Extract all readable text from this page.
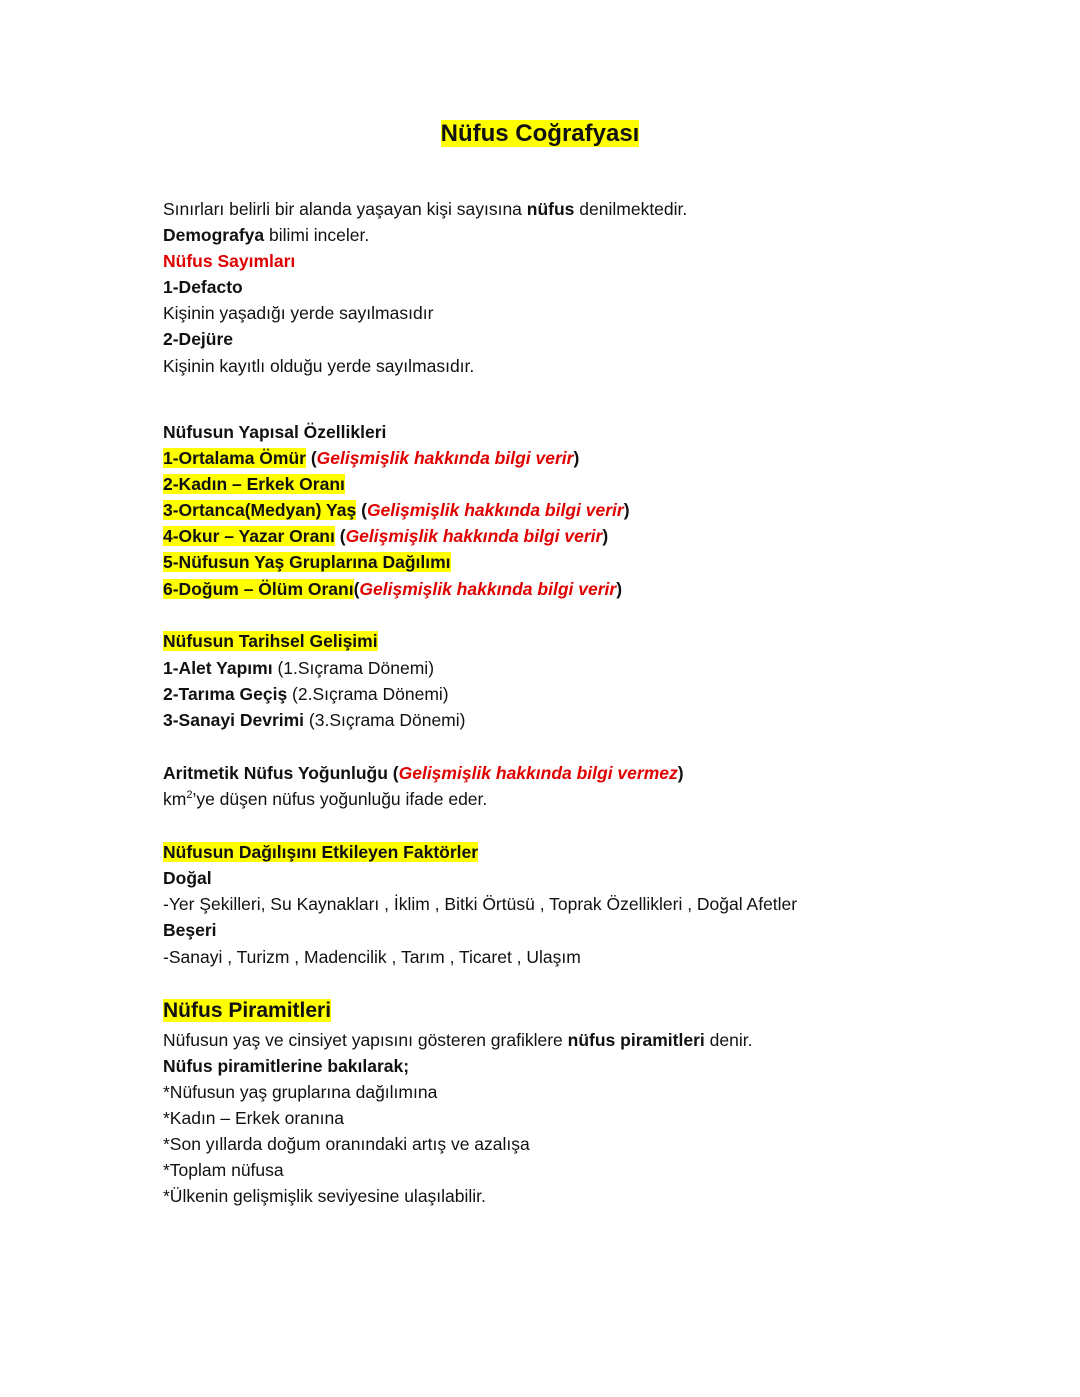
Nüfus Coğrafyası
Sınırları belirli bir alanda yaşayan kişi sayısına nüfus denilmektedir.
Demografya bilimi inceler.
Nüfus Sayımları
1-Defacto
Kişinin yaşadığı yerde sayılmasıdır
2-Dejüre
Kişinin kayıtlı olduğu yerde sayılmasıdır.
Nüfusun Yapısal Özellikleri
1-Ortalama Ömür (Gelişmişlik hakkında bilgi verir)
2-Kadın – Erkek Oranı
3-Ortanca(Medyan) Yaş (Gelişmişlik hakkında bilgi verir)
4-Okur – Yazar Oranı (Gelişmişlik hakkında bilgi verir)
5-Nüfusun Yaş Gruplarına Dağılımı
6-Doğum – Ölüm Oranı(Gelişmişlik hakkında bilgi verir)
Nüfusun Tarihsel Gelişimi
1-Alet Yapımı (1.Sıçrama Dönemi)
2-Tarıma Geçiş (2.Sıçrama Dönemi)
3-Sanayi Devrimi (3.Sıçrama Dönemi)
Aritmetik Nüfus Yoğunluğu (Gelişmişlik hakkında bilgi vermez)
$km^2’ye$ düşen nüfus yoğunluğu ifade eder.
Nüfusun Dağılışını Etkileyen Faktörler
Doğal
-Yer Şekilleri, Su Kaynakları , İklim , Bitki Örtüsü , Toprak Özellikleri , Doğal Afetler
Beşeri
-Sanayi , Turizm , Madencilik , Tarım , Ticaret , Ulaşım
Nüfus Piramitleri
Nüfusun yaş ve cinsiyet yapısını gösteren grafiklere nüfus piramitleri denir.
Nüfus piramitlerine bakılarak;
*Nüfusun yaş gruplarına dağılımına
*Kadın – Erkek oranına
*Son yıllarda doğum oranındaki artış ve azalışa
*Toplam nüfusa
*Ülkenin gelişmişlik seviyesine ulaşılabilir.
